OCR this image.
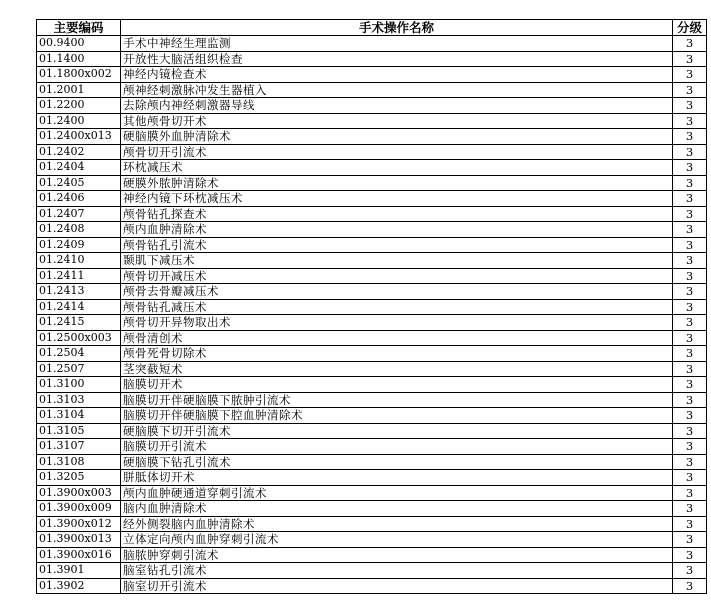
主要编码	手术操作名称	分级
00.9400	手术中神经生理监测	3
01.1400	开放性大脑活组织检查	3
01.1800x002	神经内镜检查术	3
01.2001	颅神经刺激脉冲发生器植入	3
01.2200	去除颅内神经刺激器导线	3
01.2400	其他颅骨切开术	3
01.2400x013	硬脑膜外血肿清除术	3
01.2402	颅骨切开引流术	3
01.2404	环枕减压术	3
01.2405	硬膜外脓肿清除术	3
01.2406	神经内镜下环枕减压术	3
01.2407	颅骨钻孔探查术	3
01.2408	颅内血肿清除术	3
01.2409	颅骨钻孔引流术	3
01.2410	颞肌下减压术	3
01.2411	颅骨切开减压术	3
01.2413	颅骨去骨瓣减压术	3
01.2414	颅骨钻孔减压术	3
01.2415	颅骨切开异物取出术	3
01.2500x003	颅骨清创术	3
01.2504	颅骨死骨切除术	3
01.2507	茎突截短术	3
01.3100	脑膜切开术	3
01.3103	脑膜切开伴硬脑膜下脓肿引流术	3
01.3104	脑膜切开伴硬脑膜下腔血肿清除术	3
01.3105	硬脑膜下切开引流术	3
01.3107	脑膜切开引流术	3
01.3108	硬脑膜下钻孔引流术	3
01.3205	胼胝体切开术	3
01.3900x003	颅内血肿硬通道穿刺引流术	3
01.3900x009	脑内血肿清除术	3
01.3900x012	经外侧裂脑内血肿清除术	3
01.3900x013	立体定向颅内血肿穿刺引流术	3
01.3900x016	脑脓肿穿刺引流术	3
01.3901	脑室钻孔引流术	3
01.3902	脑室切开引流术	3
